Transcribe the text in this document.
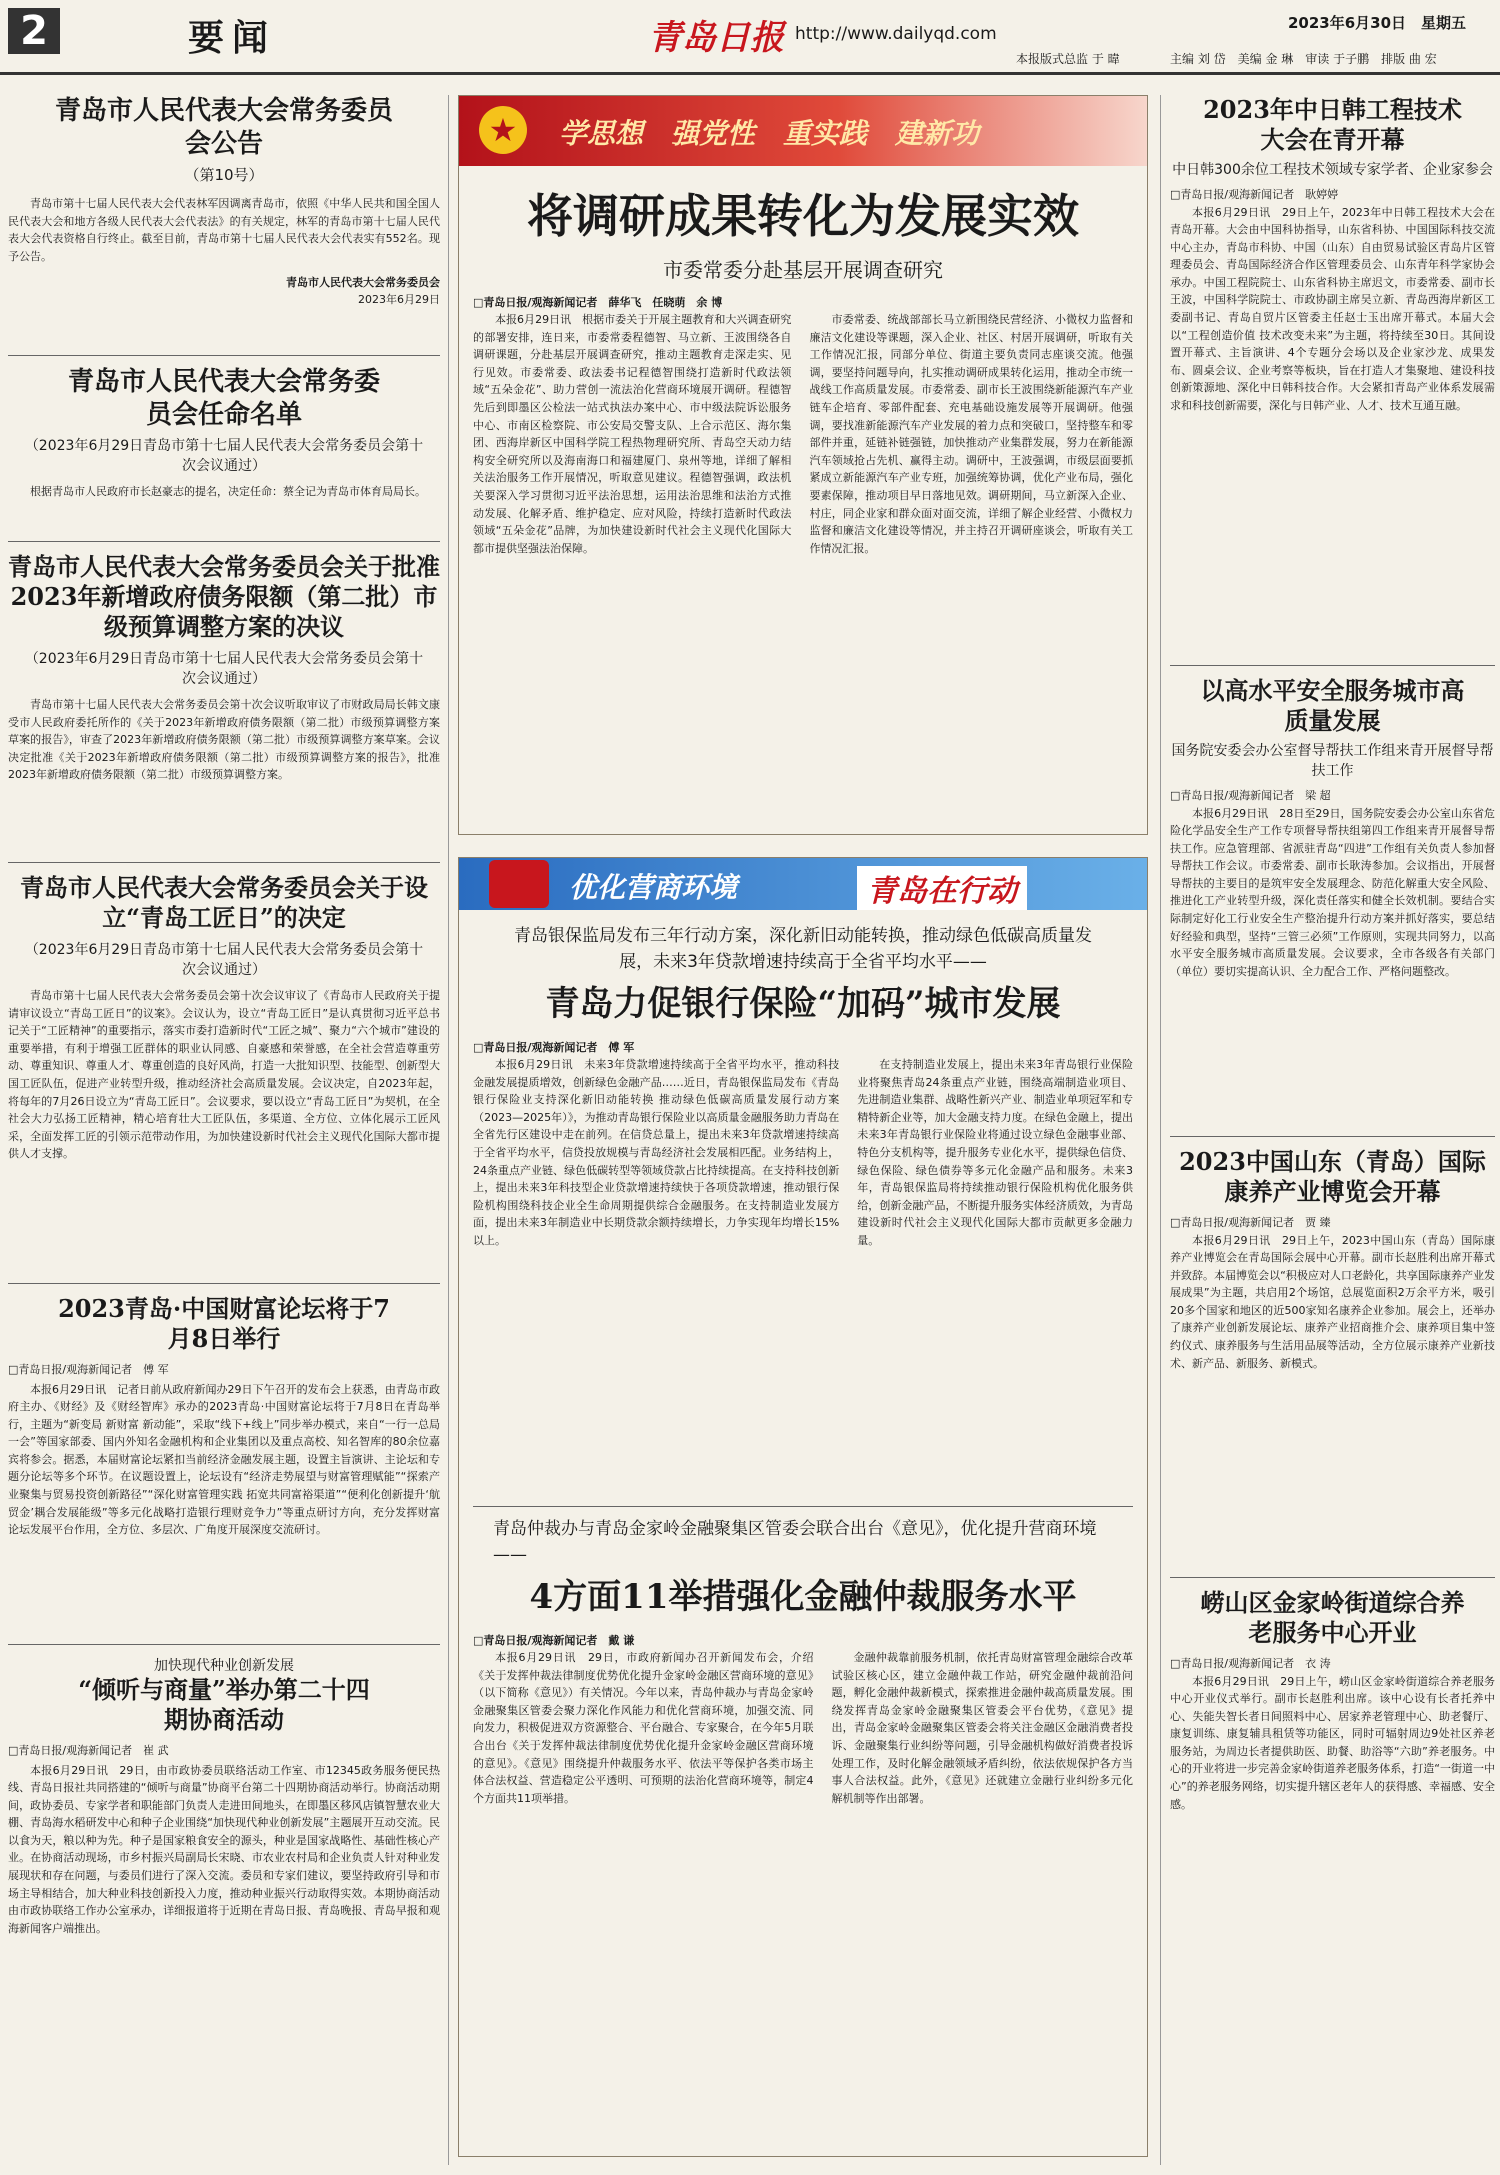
2	要闻	青岛日报 http://www.dailyqd.com
2023年6月30日　星期五
本报版式总监 于 暐	主编 刘 岱　美编 金 琳　审读 于子鹏　排版 曲 宏
青岛市人民代表大会常务委员会公告
（第10号）

青岛市第十七届人民代表大会代表林军因调离青岛市，依照《中华人民共和国全国人民代表大会和地方各级人民代表大会代表法》的有关规定，林军的青岛市第十七届人民代表大会代表资格自行终止。截至目前，青岛市第十七届人民代表大会代表实有552名。现予公告。

青岛市人民代表大会常务委员会
2023年6月29日
青岛市人民代表大会常务委员会任命名单
（2023年6月29日青岛市第十七届人民代表大会常务委员会第十次会议通过）

根据青岛市人民政府市长赵豪志的提名，决定任命：蔡全记为青岛市体育局局长。

青岛市人民代表大会常务委员会关于批准2023年新增政府债务限额（第二批）市级预算调整方案的决议
（2023年6月29日青岛市第十七届人民代表大会常务委员会第十次会议通过）

青岛市第十七届人民代表大会常务委员会第十次会议听取审议了市财政局局长韩文康受市人民政府委托所作的《关于2023年新增政府债务限额（第二批）市级预算调整方案草案的报告》，审查了2023年新增政府债务限额（第二批）市级预算调整方案草案。会议决定批准《关于2023年新增政府债务限额（第二批）市级预算调整方案的报告》，批准2023年新增政府债务限额（第二批）市级预算调整方案。

青岛市人民代表大会常务委员会关于设立“青岛工匠日”的决定
（2023年6月29日青岛市第十七届人民代表大会常务委员会第十次会议通过）

青岛市第十七届人民代表大会常务委员会第十次会议审议了《青岛市人民政府关于提请审议设立“青岛工匠日”的议案》。会议认为，设立“青岛工匠日”是认真贯彻习近平总书记关于“工匠精神”的重要指示，落实市委打造新时代“工匠之城”、聚力“六个城市”建设的重要举措，有利于增强工匠群体的职业认同感、自豪感和荣誉感，在全社会营造尊重劳动、尊重知识、尊重人才、尊重创造的良好风尚，打造一大批知识型、技能型、创新型大国工匠队伍，促进产业转型升级，推动经济社会高质量发展。会议决定，自2023年起，将每年的7月26日设立为“青岛工匠日”。会议要求，要以设立“青岛工匠日”为契机，在全社会大力弘扬工匠精神，精心培育壮大工匠队伍，多渠道、全方位、立体化展示工匠风采，全面发挥工匠的引领示范带动作用，为加快建设新时代社会主义现代化国际大都市提供人才支撑。

2023青岛·中国财富论坛将于7月8日举行
□青岛日报/观海新闻记者　傅 军

本报6月29日讯　记者日前从政府新闻办29日下午召开的发布会上获悉，由青岛市政府主办、《财经》及《财经智库》承办的2023青岛·中国财富论坛将于7月8日在青岛举行，主题为“新变局 新财富 新动能”，采取“线下+线上”同步举办模式，来自“一行一总局一会”等国家部委、国内外知名金融机构和企业集团以及重点高校、知名智库的80余位嘉宾将参会。据悉，本届财富论坛紧扣当前经济金融发展主题，设置主旨演讲、主论坛和专题分论坛等多个环节。在议题设置上，论坛设有“经济走势展望与财富管理赋能”“探索产业聚集与贸易投资创新路径”“深化财富管理实践 拓宽共同富裕渠道”“便利化创新提升‘航贸金’耦合发展能级”等多元化战略打造银行理财竞争力”等重点研讨方向，充分发挥财富论坛发展平台作用，全方位、多层次、广角度开展深度交流研讨。

加快现代种业创新发展
“倾听与商量”举办第二十四期协商活动
□青岛日报/观海新闻记者　崔 武

本报6月29日讯　29日，由市政协委员联络活动工作室、市12345政务服务便民热线、青岛日报社共同搭建的“倾听与商量”协商平台第二十四期协商活动举行。协商活动期间，政协委员、专家学者和职能部门负责人走进田间地头，在即墨区移风店镇智慧农业大棚、青岛海水稻研发中心和种子企业围绕“加快现代种业创新发展”主题展开互动交流。民以食为天，粮以种为先。种子是国家粮食安全的源头，种业是国家战略性、基础性核心产业。在协商活动现场，市乡村振兴局副局长宋晓、市农业农村局和企业负责人针对种业发展现状和存在问题，与委员们进行了深入交流。委员和专家们建议，要坚持政府引导和市场主导相结合，加大种业科技创新投入力度，推动种业振兴行动取得实效。本期协商活动由市政协联络工作办公室承办，详细报道将于近期在青岛日报、青岛晚报、青岛早报和观海新闻客户端推出。

★	学思想　强党性　重实践　建新功
将调研成果转化为发展实效
市委常委分赴基层开展调查研究
□青岛日报/观海新闻记者　薛华飞　任晓萌　余 博

本报6月29日讯　根据市委关于开展主题教育和大兴调查研究的部署安排，连日来，市委常委程德智、马立新、王波围绕各自调研课题，分赴基层开展调查研究，推动主题教育走深走实、见行见效。市委常委、政法委书记程德智围绕打造新时代政法领域“五朵金花”、助力营创一流法治化营商环境展开调研。程德智先后到即墨区公检法一站式执法办案中心、市中级法院诉讼服务中心、市南区检察院、市公安局交警支队、上合示范区、海尔集团、西海岸新区中国科学院工程热物理研究所、青岛空天动力结构安全研究所以及海南海口和福建厦门、泉州等地，详细了解相关法治服务工作开展情况，听取意见建议。程德智强调，政法机关要深入学习贯彻习近平法治思想，运用法治思维和法治方式推动发展、化解矛盾、维护稳定、应对风险，持续打造新时代政法领域“五朵金花”品牌，为加快建设新时代社会主义现代化国际大都市提供坚强法治保障。

市委常委、统战部部长马立新围绕民营经济、小微权力监督和廉洁文化建设等课题，深入企业、社区、村居开展调研，听取有关工作情况汇报，同部分单位、街道主要负责同志座谈交流。他强调，要坚持问题导向，扎实推动调研成果转化运用，推动全市统一战线工作高质量发展。市委常委、副市长王波围绕新能源汽车产业链车企培育、零部件配套、充电基础设施发展等开展调研。他强调，要找准新能源汽车产业发展的着力点和突破口，坚持整车和零部件并重，延链补链强链，加快推动产业集群发展，努力在新能源汽车领域抢占先机、赢得主动。调研中，王波强调，市级层面要抓紧成立新能源汽车产业专班，加强统筹协调，优化产业布局，强化要素保障，推动项目早日落地见效。调研期间，马立新深入企业、村庄，同企业家和群众面对面交流，详细了解企业经营、小微权力监督和廉洁文化建设等情况，并主持召开调研座谈会，听取有关工作情况汇报。

优化营商环境	青岛在行动
青岛银保监局发布三年行动方案，深化新旧动能转换，推动绿色低碳高质量发展，未来3年贷款增速持续高于全省平均水平——
青岛力促银行保险“加码”城市发展
□青岛日报/观海新闻记者　傅 军

本报6月29日讯　未来3年贷款增速持续高于全省平均水平，推动科技金融发展提质增效，创新绿色金融产品……近日，青岛银保监局发布《青岛银行保险业支持深化新旧动能转换 推动绿色低碳高质量发展行动方案（2023—2025年）》，为推动青岛银行保险业以高质量金融服务助力青岛在全省先行区建设中走在前列。在信贷总量上，提出未来3年贷款增速持续高于全省平均水平，信贷投放规模与青岛经济社会发展相匹配。业务结构上，24条重点产业链、绿色低碳转型等领域贷款占比持续提高。在支持科技创新上，提出未来3年科技型企业贷款增速持续快于各项贷款增速，推动银行保险机构围绕科技企业全生命周期提供综合金融服务。在支持制造业发展方面，提出未来3年制造业中长期贷款余额持续增长，力争实现年均增长15%以上。

在支持制造业发展上，提出未来3年青岛银行业保险业将聚焦青岛24条重点产业链，围绕高端制造业项目、先进制造业集群、战略性新兴产业、制造业单项冠军和专精特新企业等，加大金融支持力度。在绿色金融上，提出未来3年青岛银行业保险业将通过设立绿色金融事业部、特色分支机构等，提升服务专业化水平，提供绿色信贷、绿色保险、绿色债券等多元化金融产品和服务。未来3年，青岛银保监局将持续推动银行保险机构优化服务供给，创新金融产品，不断提升服务实体经济质效，为青岛建设新时代社会主义现代化国际大都市贡献更多金融力量。

青岛仲裁办与青岛金家岭金融聚集区管委会联合出台《意见》，优化提升营商环境——
4方面11举措强化金融仲裁服务水平
□青岛日报/观海新闻记者　戴 谦

本报6月29日讯　29日，市政府新闻办召开新闻发布会，介绍《关于发挥仲裁法律制度优势优化提升金家岭金融区营商环境的意见》（以下简称《意见》）有关情况。今年以来，青岛仲裁办与青岛金家岭金融聚集区管委会聚力深化作风能力和优化营商环境，加强交流、同向发力，积极促进双方资源整合、平台融合、专家聚合，在今年5月联合出台《关于发挥仲裁法律制度优势优化提升金家岭金融区营商环境的意见》。《意见》围绕提升仲裁服务水平、依法平等保护各类市场主体合法权益、营造稳定公平透明、可预期的法治化营商环境等，制定4个方面共11项举措。

金融仲裁靠前服务机制，依托青岛财富管理金融综合改革试验区核心区，建立金融仲裁工作站，研究金融仲裁前沿问题，孵化金融仲裁新模式，探索推进金融仲裁高质量发展。围绕发挥青岛金家岭金融聚集区管委会平台优势，《意见》提出，青岛金家岭金融聚集区管委会将关注金融区金融消费者投诉、金融聚集行业纠纷等问题，引导金融机构做好消费者投诉处理工作，及时化解金融领域矛盾纠纷，依法依规保护各方当事人合法权益。此外，《意见》还就建立金融行业纠纷多元化解机制等作出部署。

2023年中日韩工程技术大会在青开幕
中日韩300余位工程技术领域专家学者、企业家参会
□青岛日报/观海新闻记者　耿婷婷

本报6月29日讯　29日上午，2023年中日韩工程技术大会在青岛开幕。大会由中国科协指导，山东省科协、中国国际科技交流中心主办，青岛市科协、中国（山东）自由贸易试验区青岛片区管理委员会、青岛国际经济合作区管理委员会、山东青年科学家协会承办。中国工程院院士、山东省科协主席迟文，市委常委、副市长王波，中国科学院院士、市政协副主席吴立新、青岛西海岸新区工委副书记、青岛自贸片区管委主任赵士玉出席开幕式。本届大会以“工程创造价值 技术改变未来”为主题，将持续至30日。其间设置开幕式、主旨演讲、4个专题分会场以及企业家沙龙、成果发布、圆桌会议、企业考察等板块，旨在打造人才集聚地、建设科技创新策源地、深化中日韩科技合作。大会紧扣青岛产业体系发展需求和科技创新需要，深化与日韩产业、人才、技术互通互融。

以高水平安全服务城市高质量发展
国务院安委会办公室督导帮扶工作组来青开展督导帮扶工作
□青岛日报/观海新闻记者　梁 超

本报6月29日讯　28日至29日，国务院安委会办公室山东省危险化学品安全生产工作专项督导帮扶组第四工作组来青开展督导帮扶工作。应急管理部、省派驻青岛“四进”工作组有关负责人参加督导帮扶工作会议。市委常委、副市长耿涛参加。会议指出，开展督导帮扶的主要目的是筑牢安全发展理念、防范化解重大安全风险、推进化工产业转型升级，深化责任落实和健全长效机制。要结合实际制定好化工行业安全生产整治提升行动方案并抓好落实，要总结好经验和典型，坚持“三管三必须”工作原则，实现共同努力，以高水平安全服务城市高质量发展。会议要求，全市各级各有关部门（单位）要切实提高认识、全力配合工作、严格问题整改。

2023中国山东（青岛）国际康养产业博览会开幕
□青岛日报/观海新闻记者　贾 臻

本报6月29日讯　29日上午，2023中国山东（青岛）国际康养产业博览会在青岛国际会展中心开幕。副市长赵胜利出席开幕式并致辞。本届博览会以“积极应对人口老龄化，共享国际康养产业发展成果”为主题，共启用2个场馆，总展览面积2万余平方米，吸引20多个国家和地区的近500家知名康养企业参加。展会上，还举办了康养产业创新发展论坛、康养产业招商推介会、康养项目集中签约仪式、康养服务与生活用品展等活动，全方位展示康养产业新技术、新产品、新服务、新模式。

崂山区金家岭街道综合养老服务中心开业
□青岛日报/观海新闻记者　衣 涛

本报6月29日讯　29日上午，崂山区金家岭街道综合养老服务中心开业仪式举行。副市长赵胜利出席。该中心设有长者托养中心、失能失智长者日间照料中心、居家养老管理中心、助老餐厅、康复训练、康复辅具租赁等功能区，同时可辐射周边9处社区养老服务站，为周边长者提供助医、助餐、助浴等“六助”养老服务。中心的开业将进一步完善金家岭街道养老服务体系，打造“一街道一中心”的养老服务网络，切实提升辖区老年人的获得感、幸福感、安全感。
